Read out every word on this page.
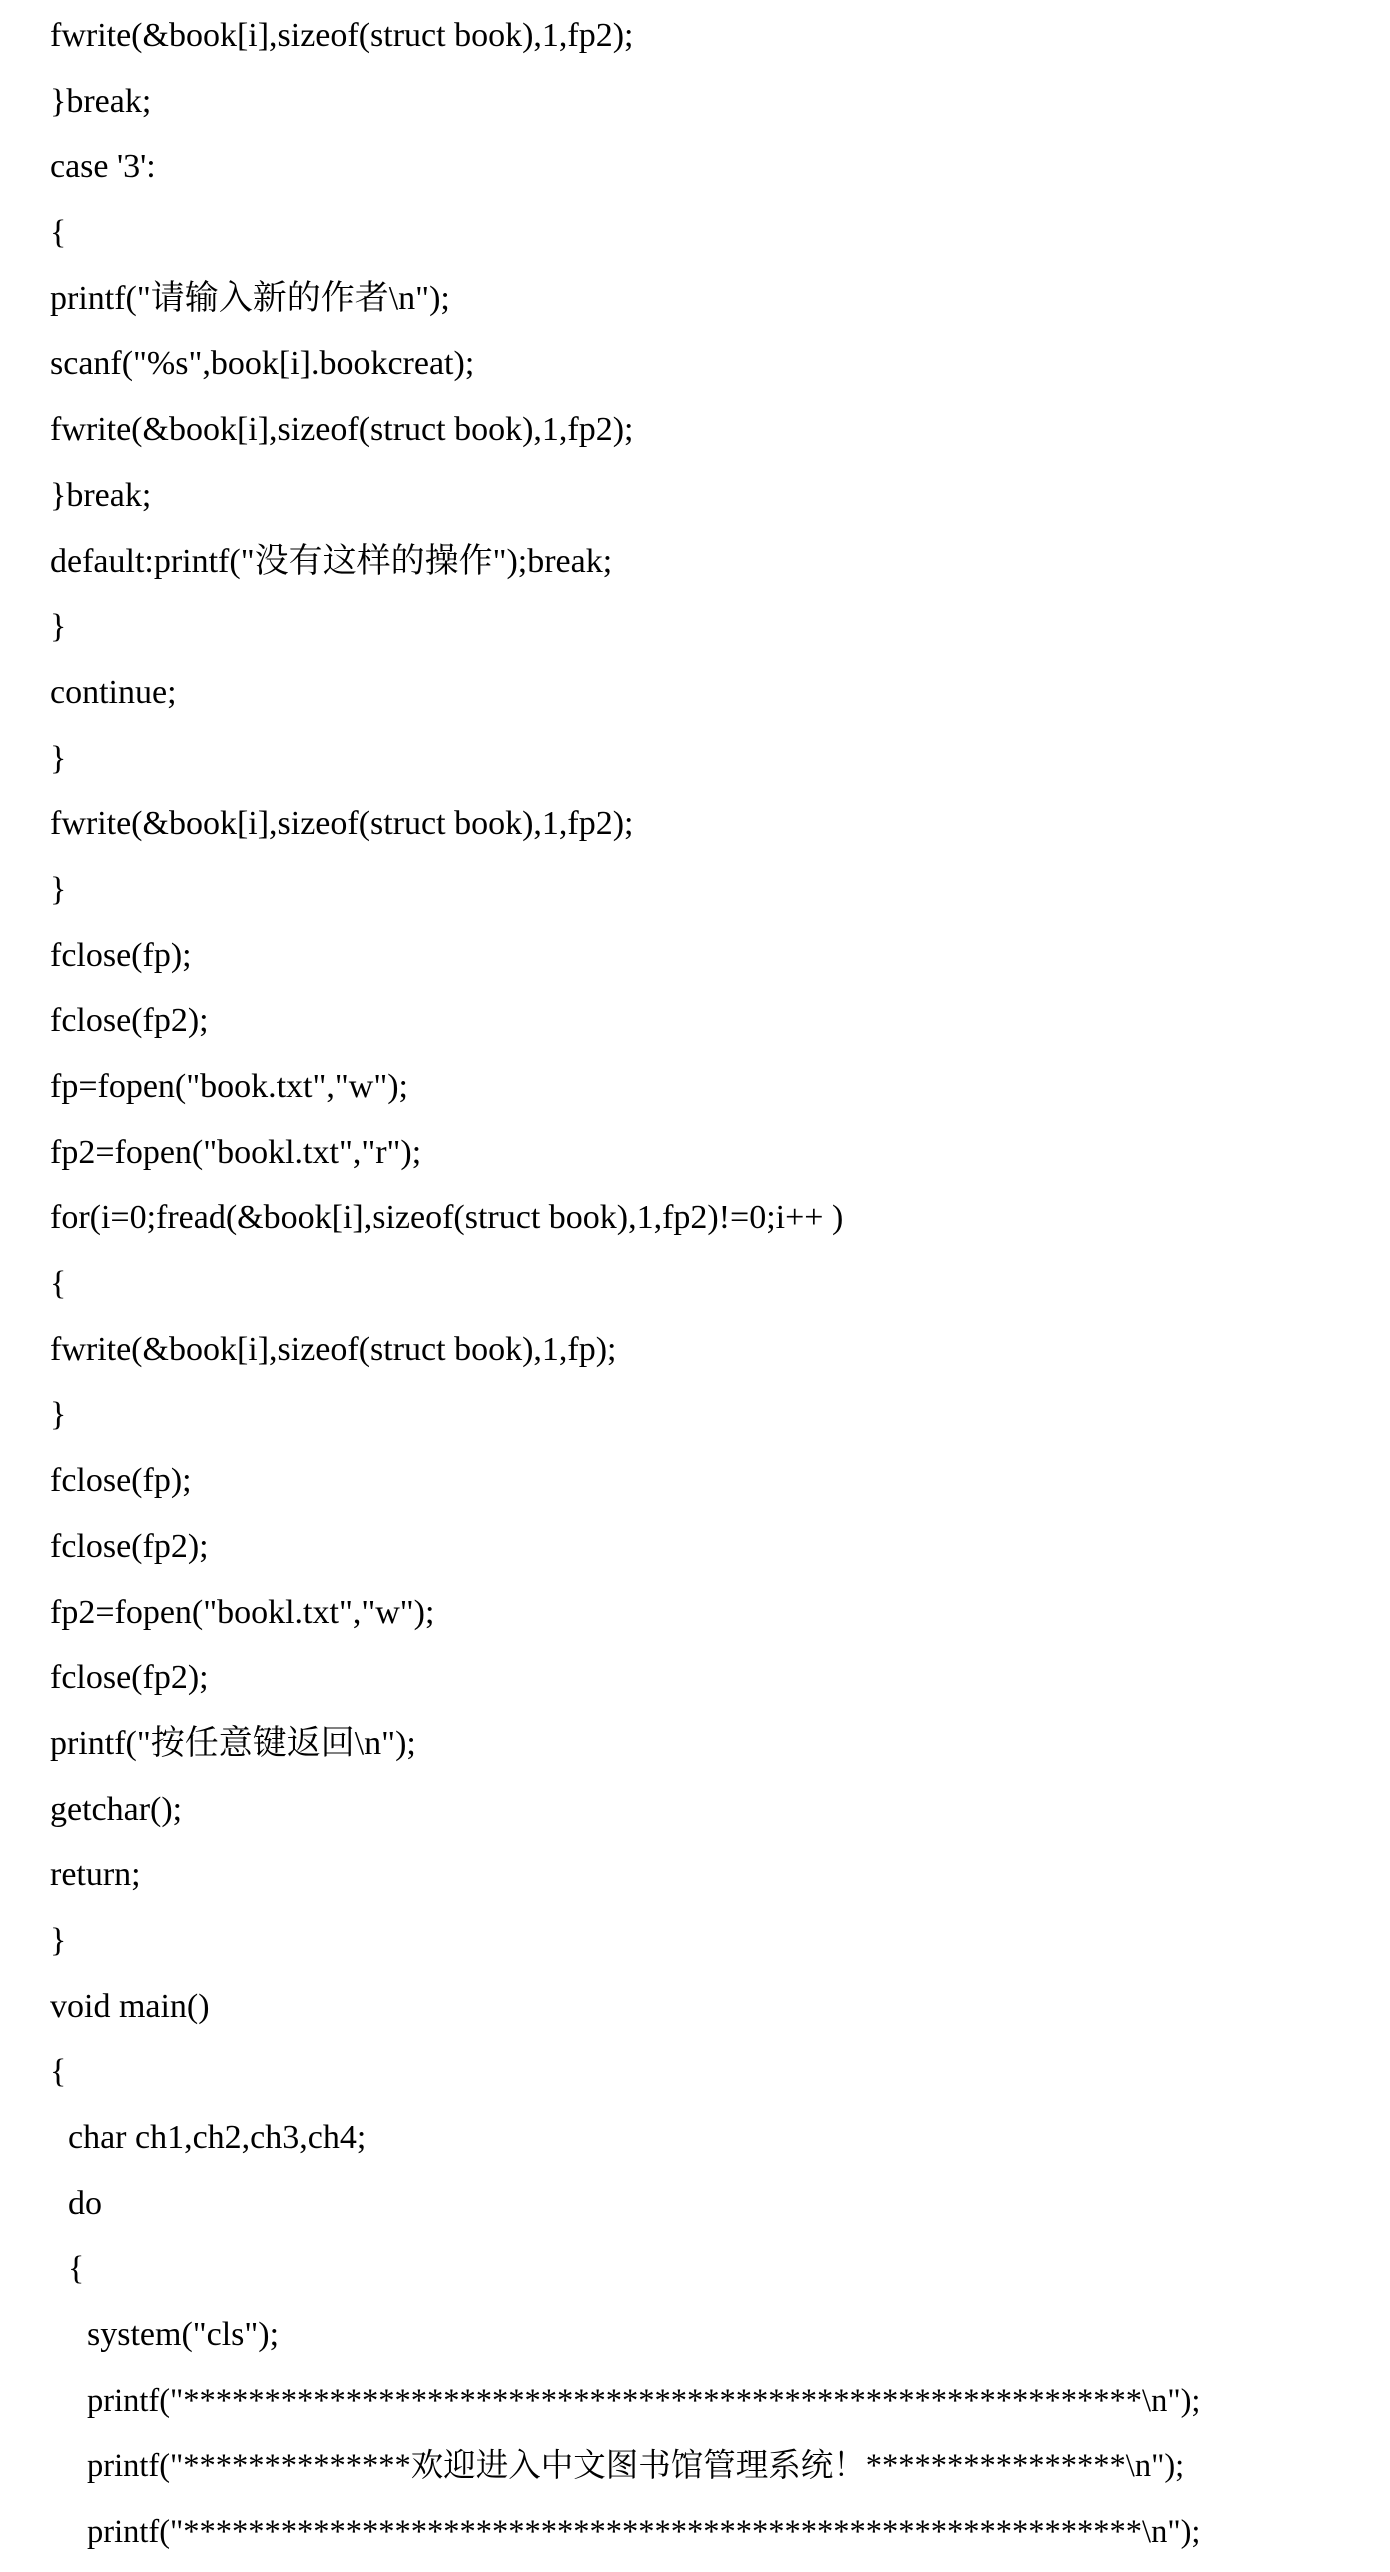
fwrite(&book[i],sizeof(struct book),1,fp2);
}break;
case '3':
{
printf("请输入新的作者\n");
scanf("%s",book[i].bookcreat);
fwrite(&book[i],sizeof(struct book),1,fp2);
}break;
default:printf("没有这样的操作");break;
}
continue;
}
fwrite(&book[i],sizeof(struct book),1,fp2);
}
fclose(fp);
fclose(fp2);
fp=fopen("book.txt","w");
fp2=fopen("bookl.txt","r");
for(i=0;fread(&book[i],sizeof(struct book),1,fp2)!=0;i++ )
{
fwrite(&book[i],sizeof(struct book),1,fp);
}
fclose(fp);
fclose(fp2);
fp2=fopen("bookl.txt","w");
fclose(fp2);
printf("按任意键返回\n");
getchar();
return;
}
void main()
{
char ch1,ch2,ch3,ch4;
do
{
system("cls");
printf("***********************************************************\n");
printf("**************欢迎进入中文图书馆管理系统！****************\n");
printf("***********************************************************\n");
